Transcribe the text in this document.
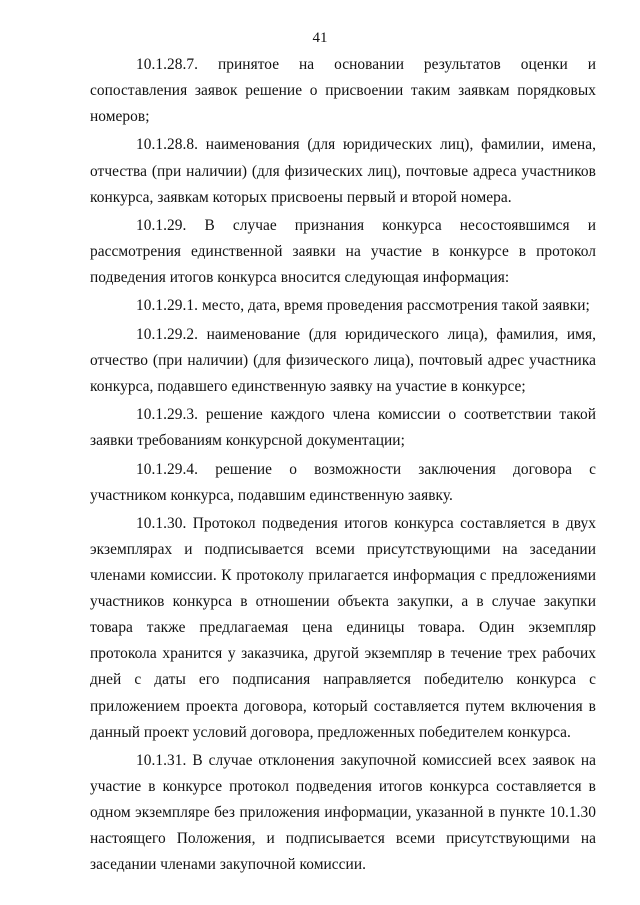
41

10.1.28.7. принятое на основании результатов оценки и сопоставления заявок решение о присвоении таким заявкам порядковых номеров;

10.1.28.8. наименования (для юридических лиц), фамилии, имена, отчества (при наличии) (для физических лиц), почтовые адреса участников конкурса, заявкам которых присвоены первый и второй номера.

10.1.29. В случае признания конкурса несостоявшимся и рассмотрения единственной заявки на участие в конкурсе в протокол подведения итогов конкурса вносится следующая информация:

10.1.29.1. место, дата, время проведения рассмотрения такой заявки;

10.1.29.2. наименование (для юридического лица), фамилия, имя, отчество (при наличии) (для физического лица), почтовый адрес участника конкурса, подавшего единственную заявку на участие в конкурсе;

10.1.29.3. решение каждого члена комиссии о соответствии такой заявки требованиям конкурсной документации;

10.1.29.4. решение о возможности заключения договора с участником конкурса, подавшим единственную заявку.

10.1.30. Протокол подведения итогов конкурса составляется в двух экземплярах и подписывается всеми присутствующими на заседании членами комиссии. К протоколу прилагается информация с предложениями участников конкурса в отношении объекта закупки, а в случае закупки товара также предлагаемая цена единицы товара. Один экземпляр протокола хранится у заказчика, другой экземпляр в течение трех рабочих дней с даты его подписания направляется победителю конкурса с приложением проекта договора, который составляется путем включения в данный проект условий договора, предложенных победителем конкурса.

10.1.31. В случае отклонения закупочной комиссией всех заявок на участие в конкурсе протокол подведения итогов конкурса составляется в одном экземпляре без приложения информации, указанной в пункте 10.1.30 настоящего Положения, и подписывается всеми присутствующими на заседании членами закупочной комиссии.
